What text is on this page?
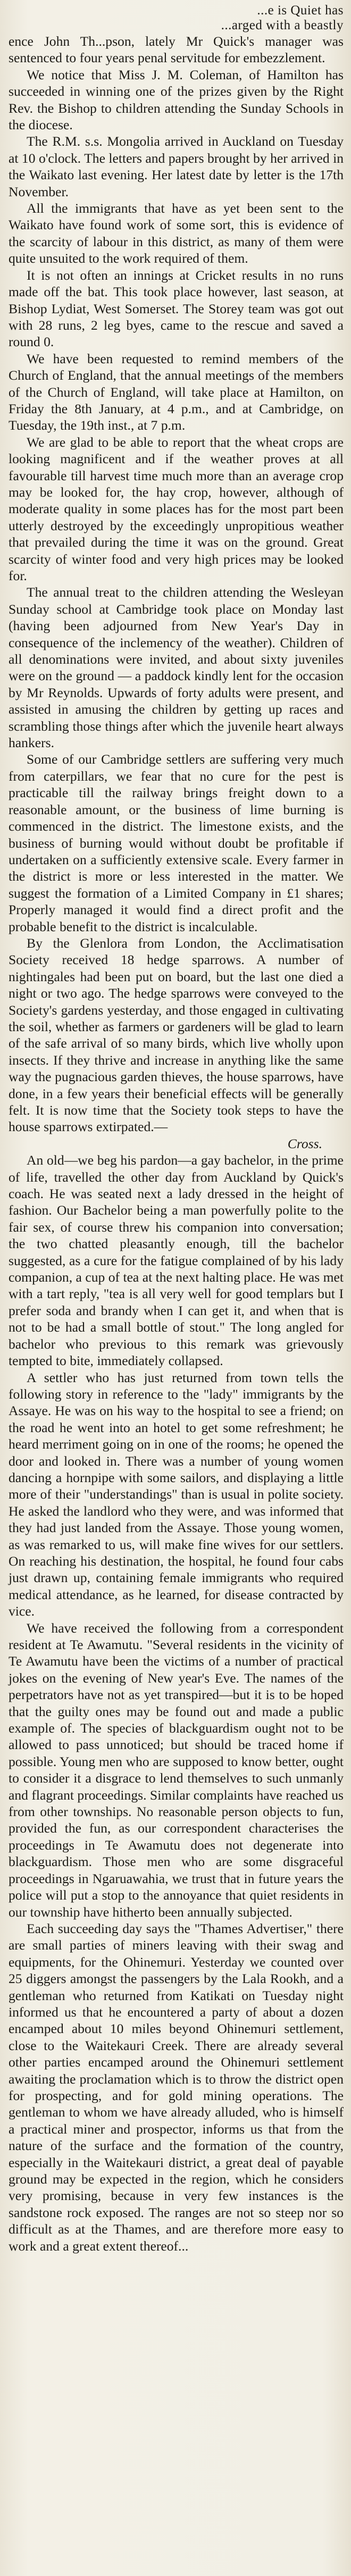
...e is Quiet has
...arged with a beastly

ence John Th...pson, lately Mr Quick's manager was sentenced to four years penal servitude for embezzlement.

We notice that Miss J. M. Coleman, of Hamilton has succeeded in winning one of the prizes given by the Right Rev. the Bishop to children attending the Sunday Schools in the diocese.

The R.M. s.s. Mongolia arrived in Auckland on Tuesday at 10 o'clock. The letters and papers brought by her arrived in the Waikato last evening. Her latest date by letter is the 17th November.

All the immigrants that have as yet been sent to the Waikato have found work of some sort, this is evidence of the scarcity of labour in this district, as many of them were quite unsuited to the work required of them.

It is not often an innings at Cricket results in no runs made off the bat. This took place however, last season, at Bishop Lydiat, West Somerset. The Storey team was got out with 28 runs, 2 leg byes, came to the rescue and saved a round 0.

We have been requested to remind members of the Church of England, that the annual meetings of the members of the Church of England, will take place at Hamilton, on Friday the 8th January, at 4 p.m., and at Cambridge, on Tuesday, the 19th inst., at 7 p.m.

We are glad to be able to report that the wheat crops are looking magnificent and if the weather proves at all favourable till harvest time much more than an average crop may be looked for, the hay crop, however, although of moderate quality in some places has for the most part been utterly destroyed by the exceedingly unpropitious weather that prevailed during the time it was on the ground. Great scarcity of winter food and very high prices may be looked for.

The annual treat to the children attending the Wesleyan Sunday school at Cambridge took place on Monday last (having been adjourned from New Year's Day in consequence of the inclemency of the weather). Children of all denominations were invited, and about sixty juveniles were on the ground — a paddock kindly lent for the occasion by Mr Reynolds. Upwards of forty adults were present, and assisted in amusing the children by getting up races and scrambling those things after which the juvenile heart always hankers.

Some of our Cambridge settlers are suffering very much from caterpillars, we fear that no cure for the pest is practicable till the railway brings freight down to a reasonable amount, or the business of lime burning is commenced in the district. The limestone exists, and the business of burning would without doubt be profitable if undertaken on a sufficiently extensive scale. Every farmer in the district is more or less interested in the matter. We suggest the formation of a Limited Company in £1 shares; Properly managed it would find a direct profit and the probable benefit to the district is incalculable.

By the Glenlora from London, the Acclimatisation Society received 18 hedge sparrows. A number of nightingales had been put on board, but the last one died a night or two ago. The hedge sparrows were conveyed to the Society's gardens yesterday, and those engaged in cultivating the soil, whether as farmers or gardeners will be glad to learn of the safe arrival of so many birds, which live wholly upon insects. If they thrive and increase in anything like the same way the pugnacious garden thieves, the house sparrows, have done, in a few years their beneficial effects will be generally felt. It is now time that the Society took steps to have the house sparrows extirpated.—

Cross.

An old—we beg his pardon—a gay bachelor, in the prime of life, travelled the other day from Auckland by Quick's coach. He was seated next a lady dressed in the height of fashion. Our Bachelor being a man powerfully polite to the fair sex, of course threw his companion into conversation; the two chatted pleasantly enough, till the bachelor suggested, as a cure for the fatigue complained of by his lady companion, a cup of tea at the next halting place. He was met with a tart reply, "tea is all very well for good templars but I prefer soda and brandy when I can get it, and when that is not to be had a small bottle of stout." The long angled for bachelor who previous to this remark was grievously tempted to bite, immediately collapsed.

A settler who has just returned from town tells the following story in reference to the "lady" immigrants by the Assaye. He was on his way to the hospital to see a friend; on the road he went into an hotel to get some refreshment; he heard merriment going on in one of the rooms; he opened the door and looked in. There was a number of young women dancing a hornpipe with some sailors, and displaying a little more of their "understandings" than is usual in polite society. He asked the landlord who they were, and was informed that they had just landed from the Assaye. Those young women, as was remarked to us, will make fine wives for our settlers. On reaching his destination, the hospital, he found four cabs just drawn up, containing female immigrants who required medical attendance, as he learned, for disease contracted by vice.

We have received the following from a correspondent resident at Te Awamutu. "Several residents in the vicinity of Te Awamutu have been the victims of a number of practical jokes on the evening of New year's Eve. The names of the perpetrators have not as yet transpired—but it is to be hoped that the guilty ones may be found out and made a public example of. The species of blackguardism ought not to be allowed to pass unnoticed; but should be traced home if possible. Young men who are supposed to know better, ought to consider it a disgrace to lend themselves to such unmanly and flagrant proceedings. Similar complaints have reached us from other townships. No reasonable person objects to fun, provided the fun, as our correspondent characterises the proceedings in Te Awamutu does not degenerate into blackguardism. Those men who are some disgraceful proceedings in Ngaruawahia, we trust that in future years the police will put a stop to the annoyance that quiet residents in our township have hitherto been annually subjected.

Each succeeding day says the "Thames Advertiser," there are small parties of miners leaving with their swag and equipments, for the Ohinemuri. Yesterday we counted over 25 diggers amongst the passengers by the Lala Rookh, and a gentleman who returned from Katikati on Tuesday night informed us that he encountered a party of about a dozen encamped about 10 miles beyond Ohinemuri settlement, close to the Waitekauri Creek. There are already several other parties encamped around the Ohinemuri settlement awaiting the proclamation which is to throw the district open for prospecting, and for gold mining operations. The gentleman to whom we have already alluded, who is himself a practical miner and prospector, informs us that from the nature of the surface and the formation of the country, especially in the Waitekauri district, a great deal of payable ground may be expected in the region, which he considers very promising, because in very few instances is the sandstone rock exposed. The ranges are not so steep nor so difficult as at the Thames, and are therefore more easy to work and a great extent thereof...
